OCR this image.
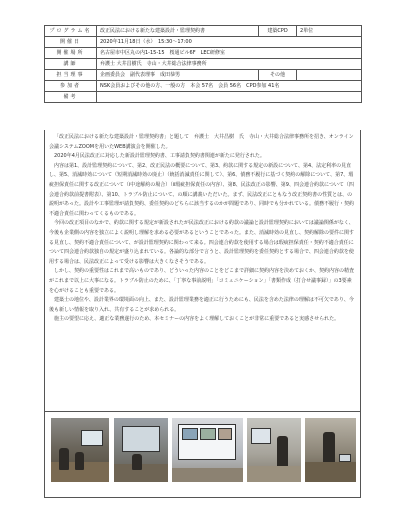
プログラム名	改正民法における新たな建築設計・監理契約書	建築CPD	2単位
開催日	2020年11月18日（水）　15:30～17:00		
開催場所	名古屋市中区丸の内1-15-15　桜通ビル6F　LEC研修室		
講師	弁護士 大井昌樹氏　寺山・大井総合法律事務所		
担当理事	企画委員会　副代表理事　成田恭男	その他	
参加者	NSK会員およびその他の方、一般の方　本会 57名　会員 56名　CPD参加 41名		
備考			

「改正民法における新たな建築設計・監理契約書」と題して　弁護士　大井昌樹　氏　寺山・大井総合法律事務所を招き、オンライン会議システムZOOMを用いたWEB講演会を開催した。

2020年4月民法改正に対応した新設計監理契約書、工事請負契約書関連が新たに発行された。

内容は第1、設計監理契約について、第2、改正民法の概要について、第3、約款に関する規定の新設について、第4、法定利率の見直し、第5、消滅時効について（短期消滅時効の廃止）（統括消滅責任に関して）、第6、債務不履行に基づく契約の解除について、第7、瑕疵担保責任に関する改正について（ⅰ中途解約の場合）（ⅱ瑕疵担保責任の内容）、第8、民法改正の影響、第9、四会連合約款について（四会連合約款前提書附表）、第10、トラブル防止について、の順に講義いただいた。まず、民法改正にともなう改正契約書の性質とは、の説明があった。設計や工事監理が請負契約、委任契約のどちらに該当するのかが問題であり、同時でも分かれている。債務不履行・契約不適合責任に関わってくるものである。

今回の改正項目のなかで、約款に関する規定が新設されたが民法改正における約款の議論と設計監理契約においては議論関係がなく、今後も企業側の内容を独立によく説明し理解を求める必要があるということであった。また、消滅時効の見直し、契約解除の要件に関する見直し、契約不適合責任について、が設計監理契約に関わって来る。四会連合約款を使用する場合は瑕疵担保責任・契約不適合責任について四会連合約款独自の規定が盛り込まれている。各論的な部分で言うと、設計監理契約を委任契約とする場合で、四会連合約款を使用する場合は、民法改正によって受ける影響は大きくなさそうである。

しかし、契約の重要性はこれまで高いものであり、どういった内容のことをどこまで詳細に契約内容を決めておくか、契約内容の精査がこれまで以上に大事になる。トラブル防止のために、「丁寧な事前説明」「コミュニケーション」「書類作成（打合せ議事録）」の3要素を心がけることも重要である。

建築士の地位や、設計業界の環境面の向上、また、設計監理業務を適正に行うためにも、民法を含めた法律の理解は不可欠であり、今後も新しい情報を取り入れ、共有することが求められる。

施主の要望に応え、適正な業務遂行のため、本セミナーの内容をよく理解しておくことが非常に重要であると実感させられた。
